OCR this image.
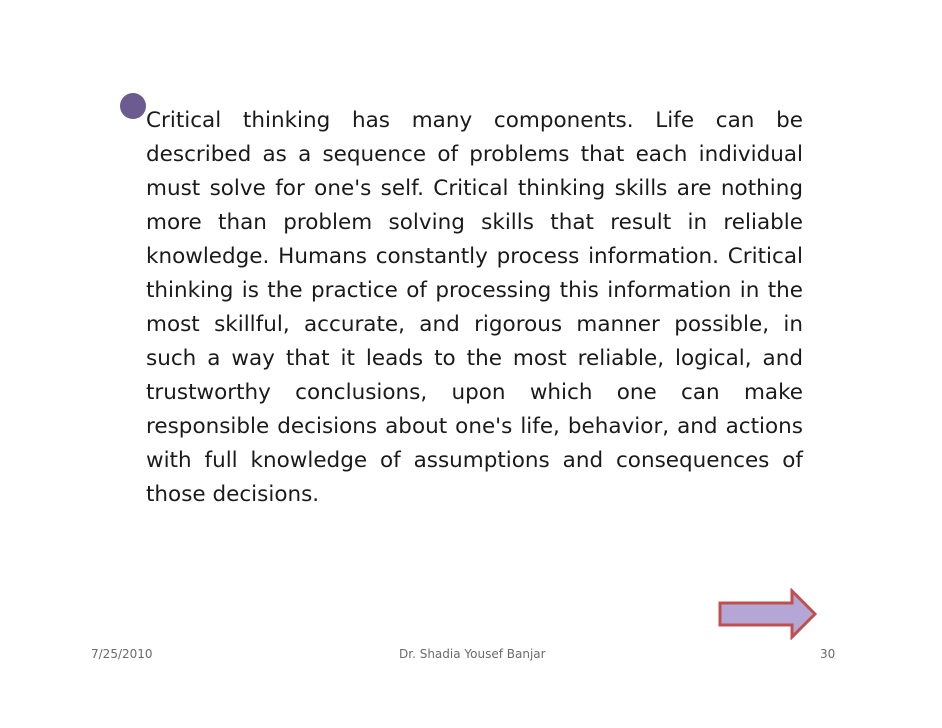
Critical thinking has many components. Life can be described as a sequence of problems that each individual must solve for one's self. Critical thinking skills are nothing more than problem solving skills that result in reliable knowledge. Humans constantly process information. Critical thinking is the practice of processing this information in the most skillful, accurate, and rigorous manner possible, in such a way that it leads to the most reliable, logical, and trustworthy conclusions, upon which one can make responsible decisions about one's life, behavior, and actions with full knowledge of assumptions and consequences of those decisions.

7/25/2010	Dr. Shadia Yousef Banjar	30
